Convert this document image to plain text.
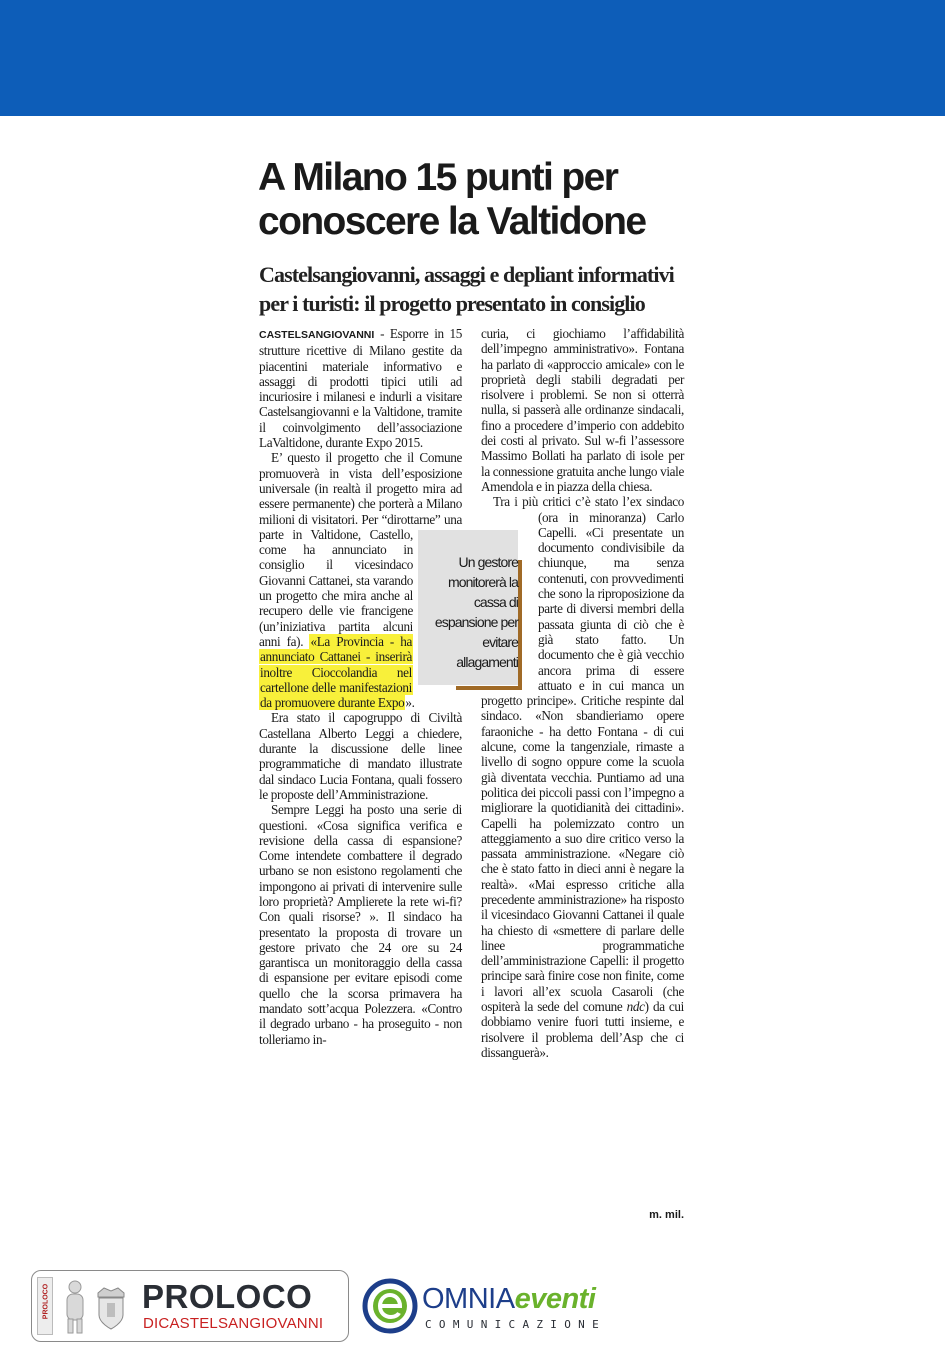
A Milano 15 punti per conoscere la Valtidone
Castelsangiovanni, assaggi e depliant informativi per i turisti: il progetto presentato in consiglio

CASTELSANGIOVANNI - Esporre in 15 strutture ricettive di Milano gestite da piacentini materiale informativo e assaggi di prodotti tipici utili ad incuriosire i milanesi e indurli a visitare Castelsangiovanni e la Valtidone, tramite il coinvolgimento dell’associazione LaValtidone, durante Expo 2015.

E’ questo il progetto che il Comune promuoverà in vista dell’esposizione universale (in realtà il progetto mira ad essere permanente) che porterà a Milano milioni di visitatori. Per “dirottarne” una parte in Valtidone, Castello, come ha annunciato in consiglio il vicesindaco Giovanni Cattanei, sta varando un progetto che mira anche al recupero delle vie francigene (un’iniziativa partita alcuni anni fa). «La Provincia - ha annunciato Cattanei - inserirà inoltre Cioccolandia nel cartellone delle manifestazioni da promuovere durante Expo».

Era stato il capogruppo di Civiltà Castellana Alberto Leggi a chiedere, durante la discussione delle linee programmatiche di mandato illustrate dal sindaco Lucia Fontana, quali fossero le proposte dell’Amministrazione.

Sempre Leggi ha posto una serie di questioni. «Cosa significa verifica e revisione della cassa di espansione? Come intendete combattere il degrado urbano se non esistono regolamenti che impongono ai privati di intervenire sulle loro proprietà? Amplierete la rete wi-fi? Con quali risorse? ». Il sindaco ha presentato la proposta di trovare un gestore privato che 24 ore su 24 garantisca un monitoraggio della cassa di espansione per evitare episodi come quello che la scorsa primavera ha mandato sott’acqua Polezzera. «Contro il degrado urbano - ha proseguito - non tolleriamo in-

curia, ci giochiamo l’affidabilità dell’impegno amministrativo». Fontana ha parlato di «approccio amicale» con le proprietà degli stabili degradati per risolvere i problemi. Se non si otterrà nulla, si passerà alle ordinanze sindacali, fino a procedere d’imperio con addebito dei costi al privato. Sul w-fi l’assessore Massimo Bollati ha parlato di isole per la connessione gratuita anche lungo viale Amendola e in piazza della chiesa.

Tra i più critici c’è stato l’ex sindaco (ora in minoranza) Carlo Capelli. «Ci presentate un documento condivisibile da chiunque, ma senza contenuti, con provvedimenti che sono la riproposizione da parte di diversi membri della passata giunta di ciò che è già stato fatto. Un documento che è già vecchio ancora prima di essere attuato e in cui manca un progetto principe». Critiche respinte dal sindaco. «Non sbandieriamo opere faraoniche - ha detto Fontana - di cui alcune, come la tangenziale, rimaste a livello di sogno oppure come la scuola già diventata vecchia. Puntiamo ad una politica dei piccoli passi con l’impegno a migliorare la quotidianità dei cittadini». Capelli ha polemizzato contro un atteggiamento a suo dire critico verso la passata amministrazione. «Negare ciò che è stato fatto in dieci anni è negare la realtà». «Mai espresso critiche alla precedente amministrazione» ha risposto il vicesindaco Giovanni Cattanei il quale ha chiesto di «smettere di parlare delle linee programmatiche dell’amministrazione Capelli: il progetto principe sarà finire cose non finite, come i lavori all’ex scuola Casaroli (che ospiterà la sede del comune ndc) da cui dobbiamo venire fuori tutti insieme, e risolvere il problema dell’Asp che ci dissanguerà».

Un gestore monitorerà la cassa di espansione per evitare allagamenti
m. mil.
PROLOCO	PROLOCO
DICASTELSANGIOVANNI
OMNIAeventi
COMUNICAZIONE
